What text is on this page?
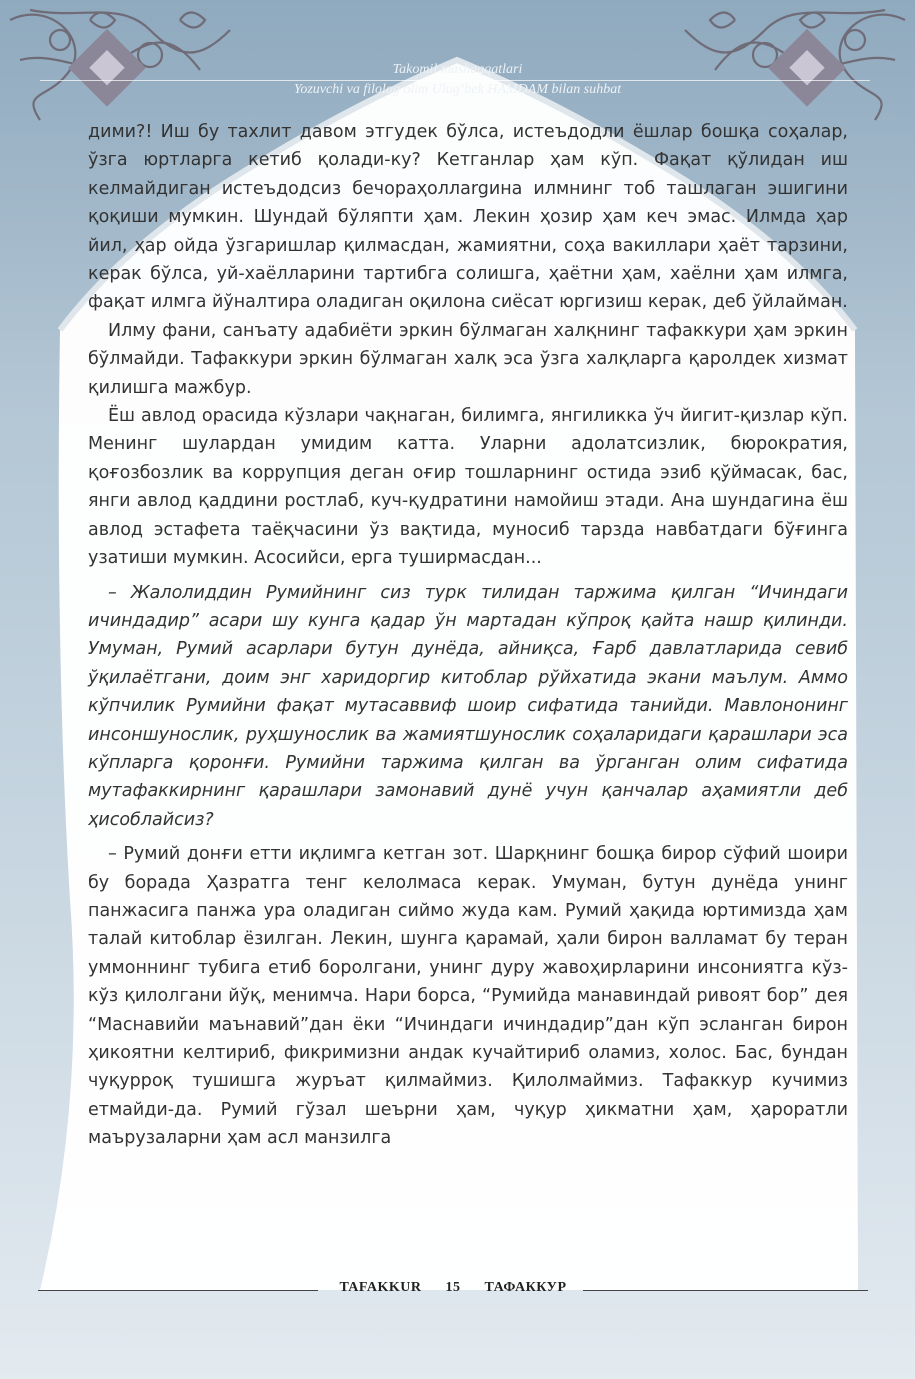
Takomil mashaqqatlari
Yozuvchi va filolog olim Ulug‘bek HAMDAM bilan suhbat

дими?! Иш бу тахлит давом этгудек бўлса, истеъдодли ёшлар бошқа соҳалар, ўзга юртларга кетиб қолади-ку? Кетганлар ҳам кўп. Фақат қўлидан иш келмайдиган истеъдодсиз бечораҳоллargина илмнинг тоб ташлаган эшигини қоқиши мумкин. Шундай бўляпти ҳам. Лекин ҳозир ҳам кеч эмас. Илмда ҳар йил, ҳар ойда ўзгаришлар қилмасдан, жамиятни, соҳа вакиллари ҳаёт тарзини, керак бўлса, уй-хаёлларини тартибга солишга, ҳаётни ҳам, хаёлни ҳам илмга, фақат илмга йўналтира оладиган оқилона сиёсат юргизиш керак, деб ўйлайман.

Илму фани, санъату адабиёти эркин бўлмаган халқнинг тафаккури ҳам эркин бўлмайди. Тафаккури эркин бўлмаган халқ эса ўзга халқларга қаролдек хизмат қилишга мажбур.

Ёш авлод орасида кўзлари чақнаган, билимга, янгиликка ўч йигит-қизлар кўп. Менинг шулардан умидим катта. Уларни адолатсизлик, бюрократия, қоғозбозлик ва коррупция деган оғир тошларнинг остида эзиб қўймасак, бас, янги авлод қаддини ростлаб, куч-қудратини намойиш этади. Ана шундагина ёш авлод эстафета таёқчасини ўз вақтида, муносиб тарзда навбатдаги бўғинга узатиши мумкин. Асосийси, ерга туширмасдан...

– Жалолиддин Румийнинг сиз турк тилидан таржима қилган “Ичиндаги ичиндадир” асари шу кунга қадар ўн мартадан кўпроқ қайта нашр қилинди. Умуман, Румий асарлари бутун дунёда, айниқса, Ғарб давлатларида севиб ўқилаётгани, доим энг харидоргир китоблар рўйхатида экани маълум. Аммо кўпчилик Румийни фақат мутасаввиф шоир сифатида танийди. Мавлононинг инсоншунослик, руҳшунослик ва жамиятшунослик соҳаларидаги қарашлари эса кўпларга қоронғи. Румийни таржима қилган ва ўрганган олим сифатида мутафаккирнинг қарашлари замонавий дунё учун қанчалар аҳамиятли деб ҳисоблайсиз?

– Румий донғи етти иқлимга кетган зот. Шарқнинг бошқа бирор сўфий шоири бу борада Ҳазратга тенг келолмаса керак. Умуман, бутун дунёда унинг панжасига панжа ура оладиган сиймо жуда кам. Румий ҳақида юртимизда ҳам талай китоблар ёзилган. Лекин, шунга қарамай, ҳали бирон валламат бу теран уммоннинг тубига етиб боролгани, унинг дуру жавоҳирларини инсониятга кўз-кўз қилолгани йўқ, менимча. Нари борса, “Румийда манавиндай ривоят бор” дея “Маснавийи маънавий”дан ёки “Ичиндаги ичиндадир”дан кўп эсланган бирон ҳикоятни келтириб, фикримизни андак кучайтириб оламиз, холос. Бас, бундан чуқурроқ тушишга журъат қилмаймиз. Қилолмаймиз. Тафаккур кучимиз етмайди-да. Румий гўзал шеърни ҳам, чуқур ҳикматни ҳам, ҳароратли маърузаларни ҳам асл манзилга

TAFAKKUR 15 ТАФАККУР
